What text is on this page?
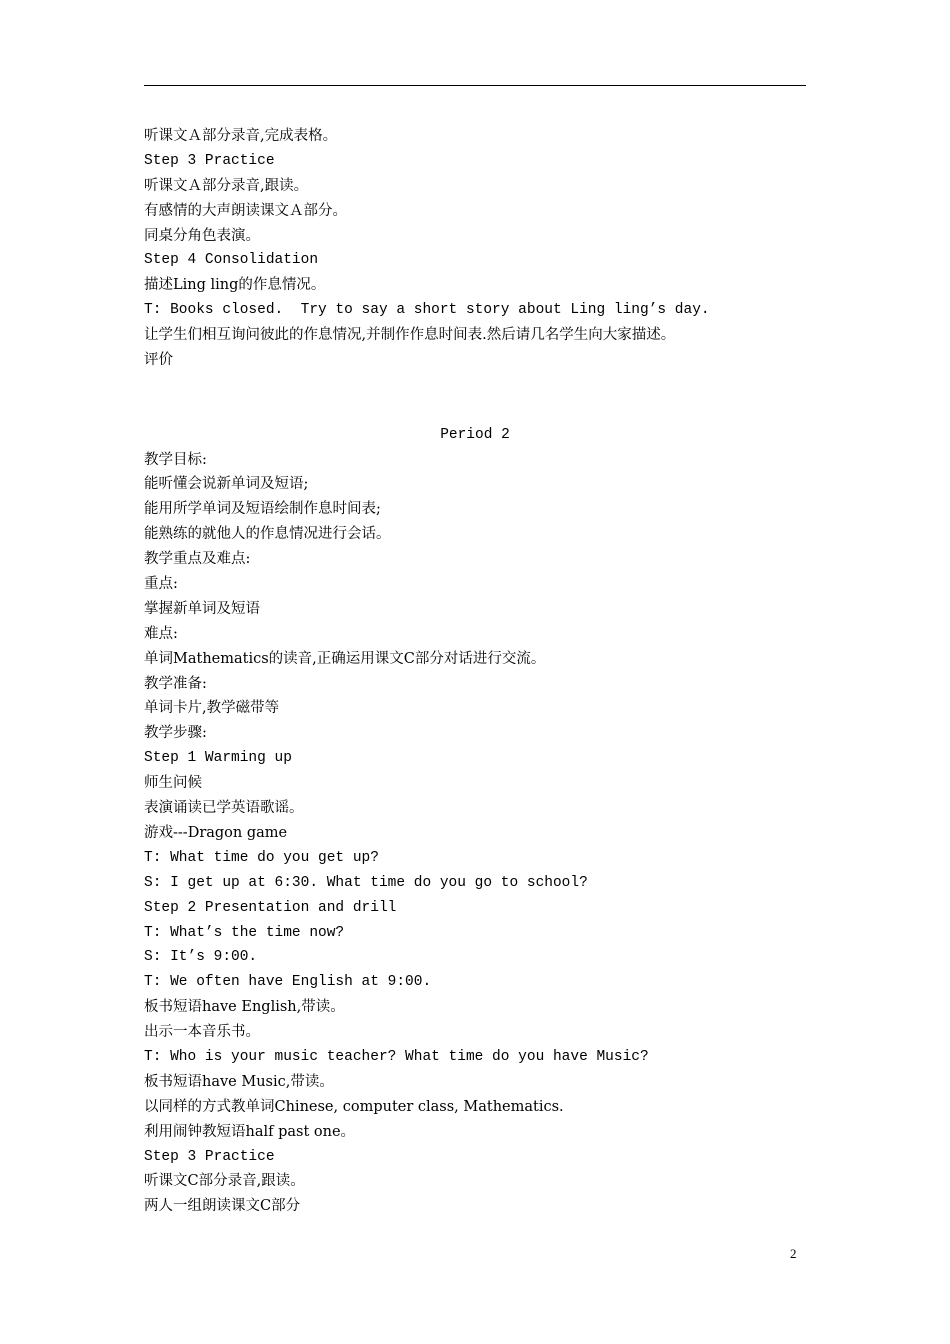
听课文Ａ部分录音,完成表格。
Step 3 Practice
听课文Ａ部分录音,跟读。
有感情的大声朗读课文Ａ部分。
同桌分角色表演。
Step 4 Consolidation
描述Ling ling的作息情况。
T: Books closed.  Try to say a short story about Ling ling’s day.
让学生们相互询问彼此的作息情况,并制作作息时间表.然后请几名学生向大家描述。
评价
Period 2
教学目标:
能听懂会说新单词及短语;
能用所学单词及短语绘制作息时间表;
能熟练的就他人的作息情况进行会话。
教学重点及难点:
重点:
掌握新单词及短语
难点:
单词Mathematics的读音,正确运用课文C部分对话进行交流。
教学准备:
单词卡片,教学磁带等
教学步骤:
Step 1 Warming up
师生问候
表演诵读已学英语歌谣。
游戏---Dragon game
T: What time do you get up?
S: I get up at 6:30. What time do you go to school?
Step 2 Presentation and drill
T: What’s the time now?
S: It’s 9:00.
T: We often have English at 9:00.
板书短语have English,带读。
出示一本音乐书。
T: Who is your music teacher? What time do you have Music?
板书短语have Music,带读。
以同样的方式教单词Chinese, computer class, Mathematics.
利用闹钟教短语half past one。
Step 3 Practice
听课文C部分录音,跟读。
两人一组朗读课文C部分
2
